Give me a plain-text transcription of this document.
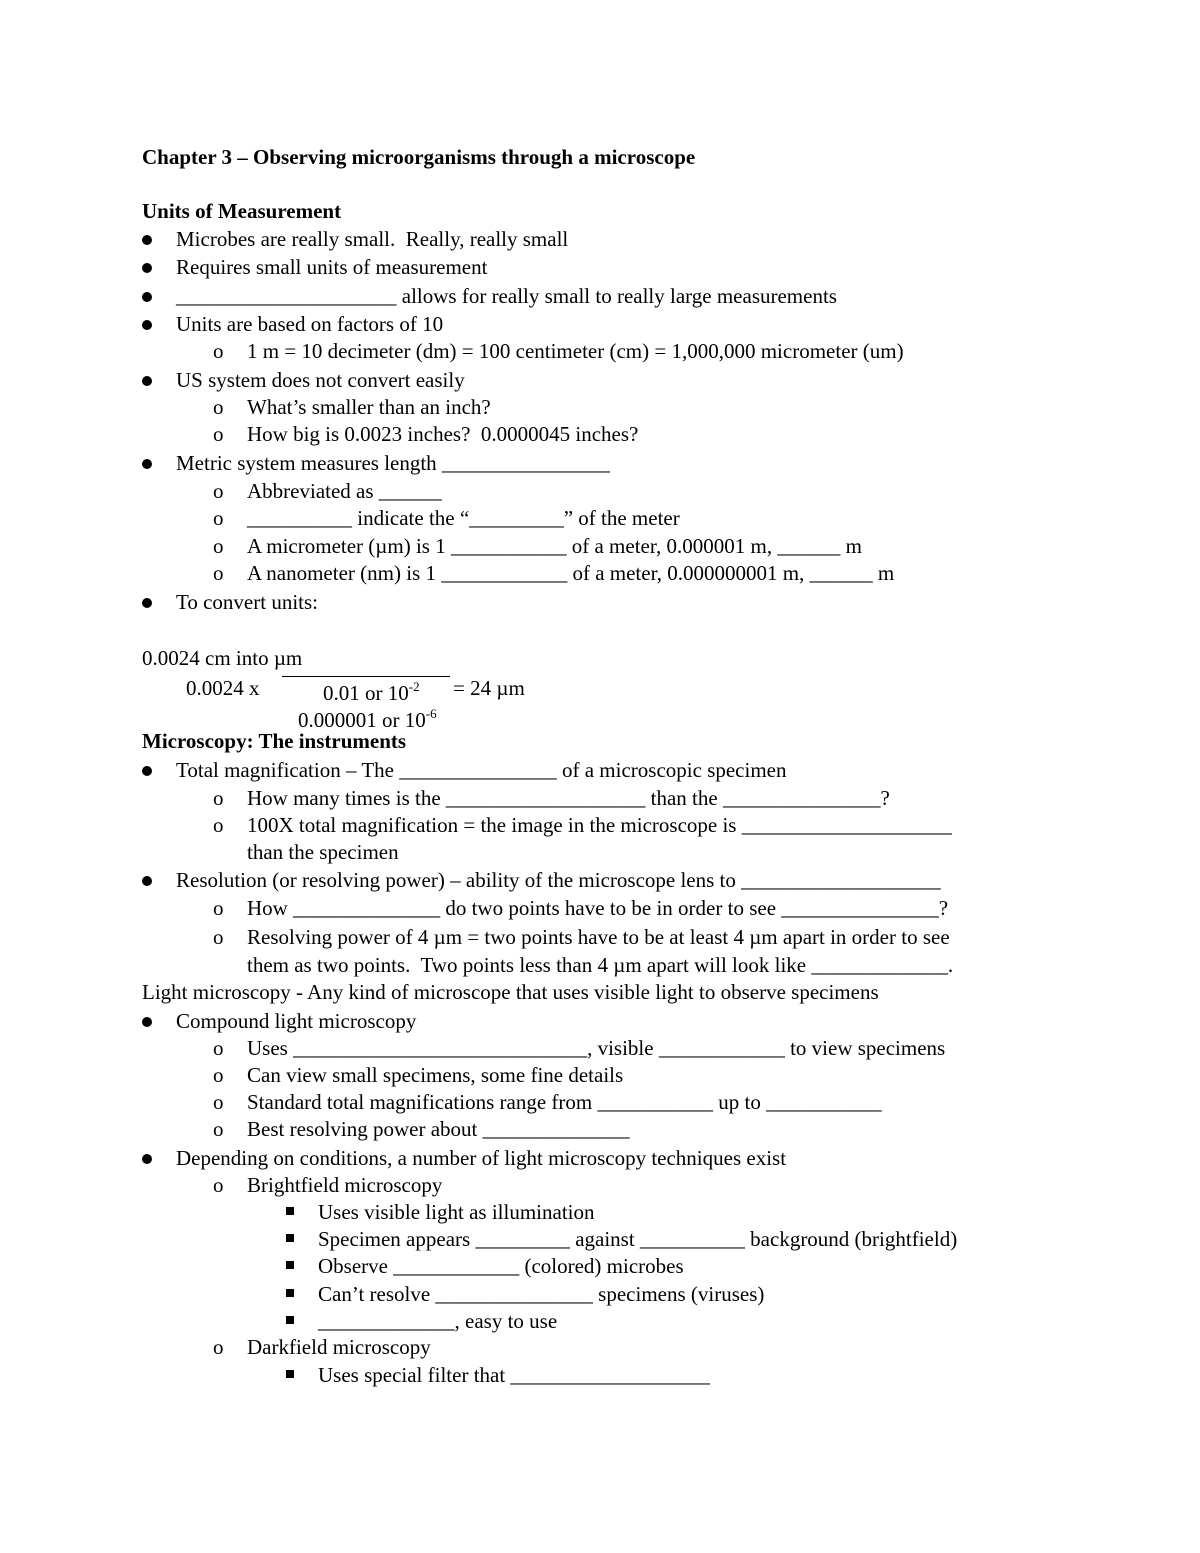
Chapter 3 – Observing microorganisms through a microscope
Units of Measurement
Microbes are really small.  Really, really small
Requires small units of measurement
_____________________ allows for really small to really large measurements
Units are based on factors of 10
o 1 m = 10 decimeter (dm) = 100 centimeter (cm) = 1,000,000 micrometer (um)
US system does not convert easily
o What’s smaller than an inch?
o How big is 0.0023 inches?  0.0000045 inches?
Metric system measures length ________________
o Abbreviated as ______
o __________ indicate the “_________” of the meter
o A micrometer (µm) is 1 ___________ of a meter, 0.000001 m, ______ m
o A nanometer (nm) is 1 ____________ of a meter, 0.000000001 m, ______ m
To convert units:
0.0024 cm into µm
0.0024 x	0.01 or $10^{-2} = 24$ µm
0.000001 or $10^{-6}$
Microscopy: The instruments
Total magnification – The _______________ of a microscopic specimen
o How many times is the ___________________ than the _______________?
o 100X total magnification = the image in the microscope is ____________________
than the specimen
Resolution (or resolving power) – ability of the microscope lens to ___________________
o How ______________ do two points have to be in order to see _______________?
o Resolving power of 4 µm = two points have to be at least 4 µm apart in order to see
them as two points.  Two points less than 4 µm apart will look like _____________.
Light microscopy - Any kind of microscope that uses visible light to observe specimens
Compound light microscopy
o Uses ____________________________, visible ____________ to view specimens
o Can view small specimens, some fine details
o Standard total magnifications range from ___________ up to ___________
o Best resolving power about ______________
Depending on conditions, a number of light microscopy techniques exist
o Brightfield microscopy
Uses visible light as illumination
Specimen appears _________ against __________ background (brightfield)
Observe ____________ (colored) microbes
Can’t resolve _______________ specimens (viruses)
_____________, easy to use
o Darkfield microscopy
Uses special filter that ___________________
